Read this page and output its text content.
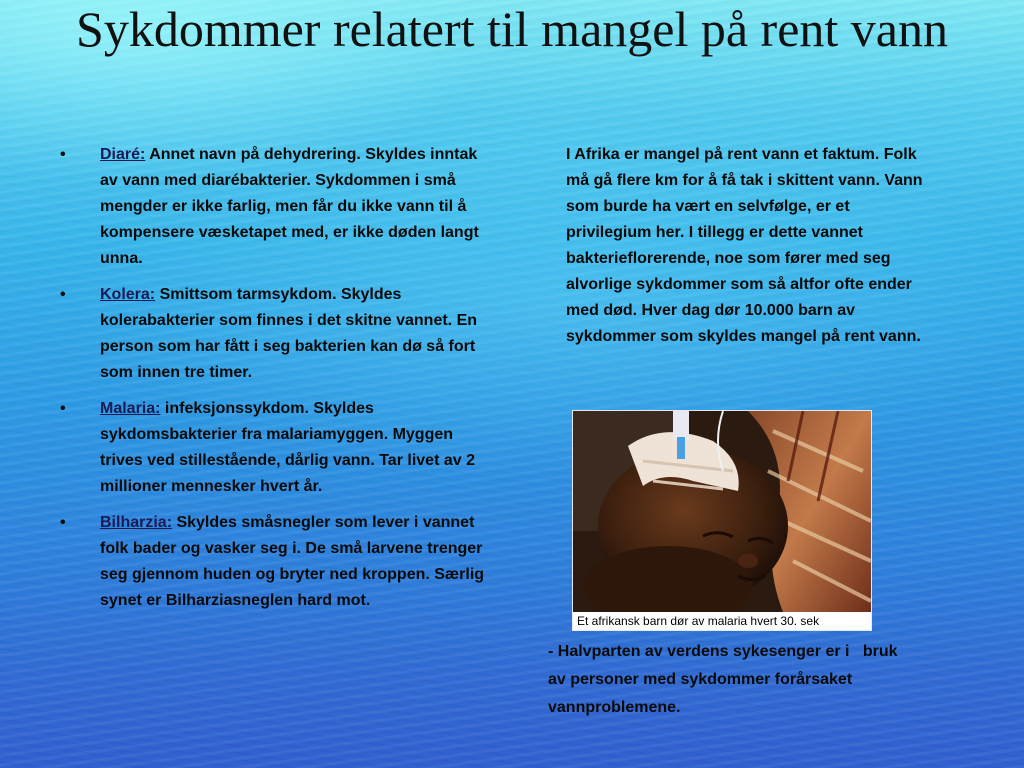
Sykdommer relatert til mangel på rent vann
• Diaré: Annet navn på dehydrering. Skyldes inntak av vann med diarébakterier. Sykdommen i små mengder er ikke farlig, men får du ikke vann til å kompensere væsketapet med, er ikke døden langt unna.
• Kolera: Smittsom tarmsykdom. Skyldes kolerabakterier som finnes i det skitne vannet. En person som har fått i seg bakterien kan dø så fort som innen tre timer.
• Malaria: infeksjonssykdom. Skyldes sykdomsbakterier fra malariamyggen. Myggen trives ved stillestående, dårlig vann. Tar livet av 2 millioner mennesker hvert år.
• Bilharzia: Skyldes småsnegler som lever i vannet folk bader og vasker seg i. De små larvene trenger seg gjennom huden og bryter ned kroppen. Særlig synet er Bilharziasneglen hard mot.

I Afrika er mangel på rent vann et faktum. Folk må gå flere km for å få tak i skittent vann. Vann som burde ha vært en selvfølge, er et privilegium her. I tillegg er dette vannet bakterieflorerende, noe som fører med seg alvorlige sykdommer som så altfor ofte ender med død. Hver dag dør 10.000 barn av sykdommer som skyldes mangel på rent vann.

Et afrikansk barn dør av malaria hvert 30. sek

- Halvparten av verdens sykesenger er i   bruk
av personer med sykdommer forårsaket
vannproblemene.
